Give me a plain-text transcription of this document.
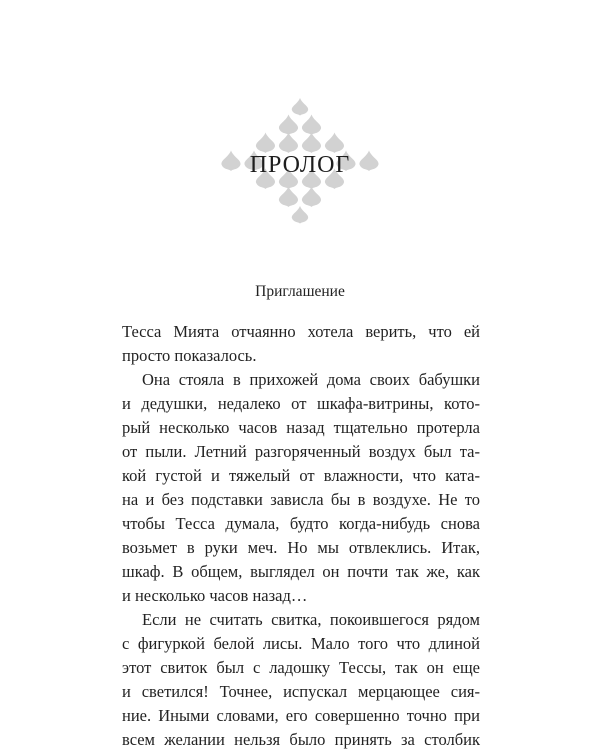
ПРОЛОГ
Приглашение
Тесса Мията отчаянно хотела верить, что ей
просто показалось.
Она стояла в прихожей дома своих бабушки
и дедушки, недалеко от шкафа-витрины, кото-
рый несколько часов назад тщательно протерла
от пыли. Летний разгоряченный воздух был та-
кой густой и тяжелый от влажности, что ката-
на и без подставки зависла бы в воздухе. Не то
чтобы Тесса думала, будто когда-нибудь снова
возьмет в руки меч. Но мы отвлеклись. Итак,
шкаф. В общем, выглядел он почти так же, как
и несколько часов назад…
Если не считать свитка, покоившегося рядом
с фигуркой белой лисы. Мало того что длиной
этот свиток был с ладошку Тессы, так он еще
и светился! Точнее, испускал мерцающее сия-
ние. Иными словами, его совершенно точно при
всем желании нельзя было принять за столбик
